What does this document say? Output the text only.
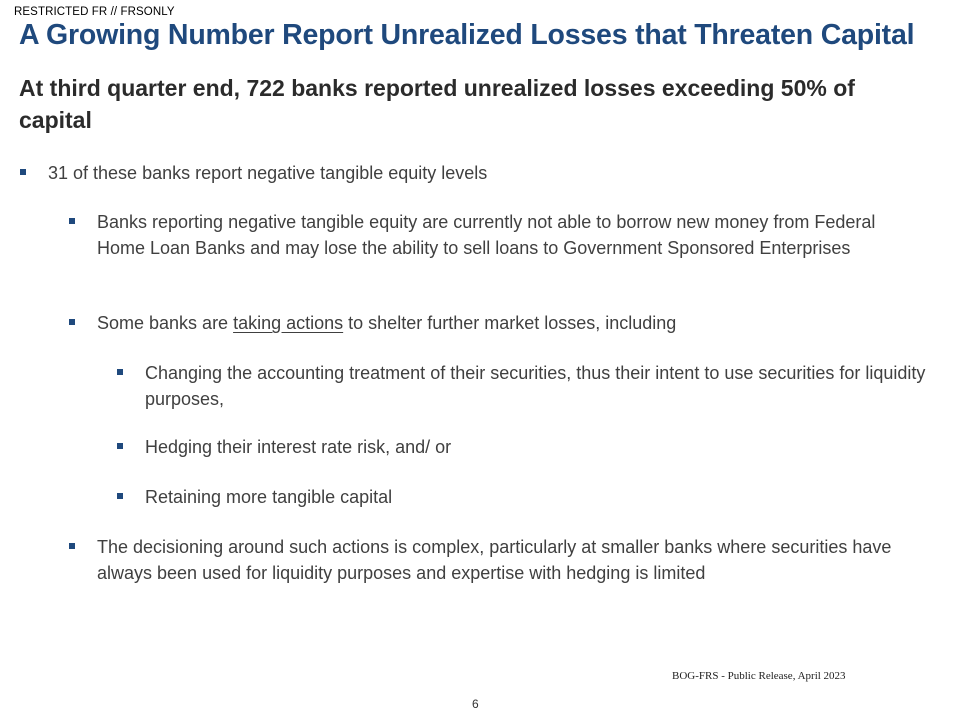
RESTRICTED FR // FRSONLY
A Growing Number Report Unrealized Losses that Threaten Capital
At third quarter end, 722 banks reported unrealized losses exceeding 50% of capital
31 of these banks report negative tangible equity levels
Banks reporting negative tangible equity are currently not able to borrow new money from Federal Home Loan Banks and may lose the ability to sell loans to Government Sponsored Enterprises
Some banks are taking actions to shelter further market losses, including
Changing the accounting treatment of their securities, thus their intent to use securities for liquidity purposes,
Hedging their interest rate risk, and/ or
Retaining more tangible capital
The decisioning around such actions is complex, particularly at smaller banks where securities have always been used for liquidity purposes and expertise with hedging is limited
BOG-FRS - Public Release, April 2023
6
